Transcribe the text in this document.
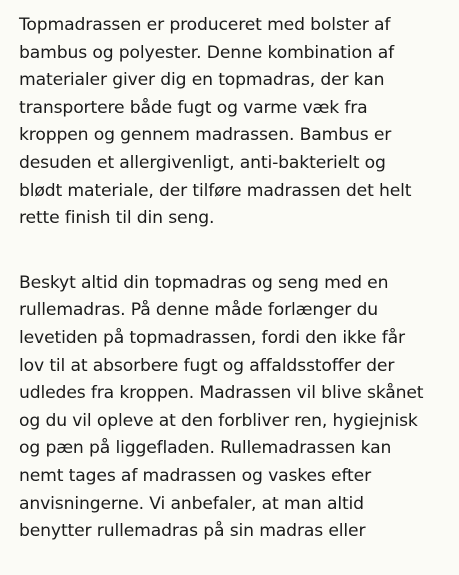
Topmadrassen er produceret med bolster af
bambus og polyester. Denne kombination af
materialer giver dig en topmadras, der kan
transportere både fugt og varme væk fra
kroppen og gennem madrassen. Bambus er
desuden et allergivenligt, anti-bakterielt og
blødt materiale, der tilføre madrassen det helt
rette finish til din seng.

Beskyt altid din topmadras og seng med en
rullemadras. På denne måde forlænger du
levetiden på topmadrassen, fordi den ikke får
lov til at absorbere fugt og affaldsstoffer der
udledes fra kroppen. Madrassen vil blive skånet
og du vil opleve at den forbliver ren, hygiejnisk
og pæn på liggefladen. Rullemadrassen kan
nemt tages af madrassen og vaskes efter
anvisningerne. Vi anbefaler, at man altid
benytter rullemadras på sin madras eller
